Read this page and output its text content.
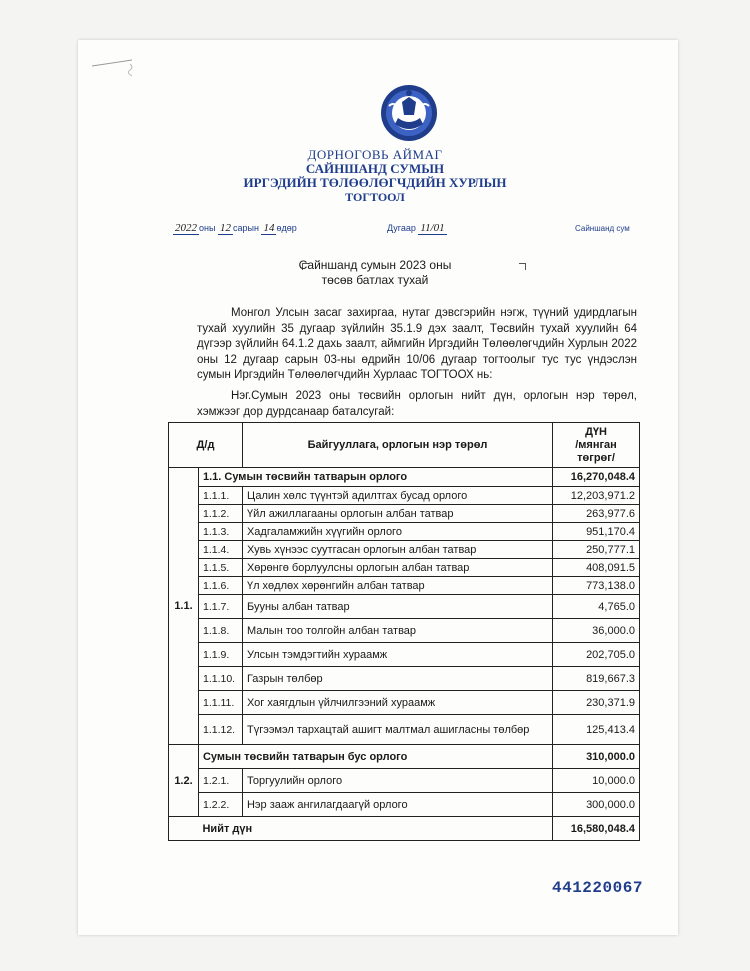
ДОРНОГОВЬ АЙМАГ
САЙНШАНД СУМЫН
ИРГЭДИЙН ТӨЛӨӨЛӨГЧДИЙН ХУРЛЫН
ТОГТООЛ
2022 оны 12 сарын 14 өдөр	Дугаар 11/01	Сайншанд сум
Сайншанд сумын 2023 оны
төсөв батлах тухай
Монгол Улсын засаг захиргаа, нутаг дэвсгэрийн нэгж, түүний удирдлагын тухай хуулийн 35 дугаар зүйлийн 35.1.9 дэх заалт, Төсвийн тухай хуулийн 64 дүгээр зүйлийн 64.1.2 дахь заалт, аймгийн Иргэдийн Төлөөлөгчдийн Хурлын 2022 оны 12 дугаар сарын 03-ны өдрийн 10/06 дугаар тогтоолыг тус тус үндэслэн сумын Иргэдийн Төлөөлөгчдийн Хурлаас ТОГТООХ нь:
Нэг.Сумын 2023 оны төсвийн орлогын нийт дүн, орлогын нэр төрөл, хэмжээг дор дурдсанаар баталсугай:
Д/д		Байгууллага, орлогын нэр төрөл	ДҮН
/мянган
төгрөг/

1.1.	1.1. Сумын төсвийн татварын орлого		16,270,048.4
	1.1.1.	Цалин хөлс түүнтэй адилтгах бусад орлого	12,203,971.2
	1.1.2.	Үйл ажиллагааны орлогын албан татвар	263,977.6
	1.1.3.	Хадгаламжийн хүүгийн орлого	951,170.4
	1.1.4.	Хувь хүнээс суутгасан орлогын албан татвар	250,777.1
	1.1.5.	Хөрөнгө борлуулсны орлогын албан татвар	408,091.5
	1.1.6.	Үл хөдлөх хөрөнгийн албан татвар	773,138.0
	1.1.7.	Бууны албан татвар	4,765.0
	1.1.8.	Малын тоо толгойн албан татвар	36,000.0
	1.1.9.	Улсын тэмдэгтийн хураамж	202,705.0
	1.1.10.	Газрын төлбөр	819,667.3
	1.1.11.	Хог хаягдлын үйлчилгээний хураамж	230,371.9
	1.1.12.	Түгээмэл тархацтай ашигт малтмал ашигласны төлбөр	125,413.4
1.2.	Сумын төсвийн татварын бус орлого		310,000.0
	1.2.1.	Торгуулийн орлого	10,000.0
	1.2.2.	Нэр зааж ангилагдаагүй орлого	300,000.0
	Нийт дүн		16,580,048.4
441220067
